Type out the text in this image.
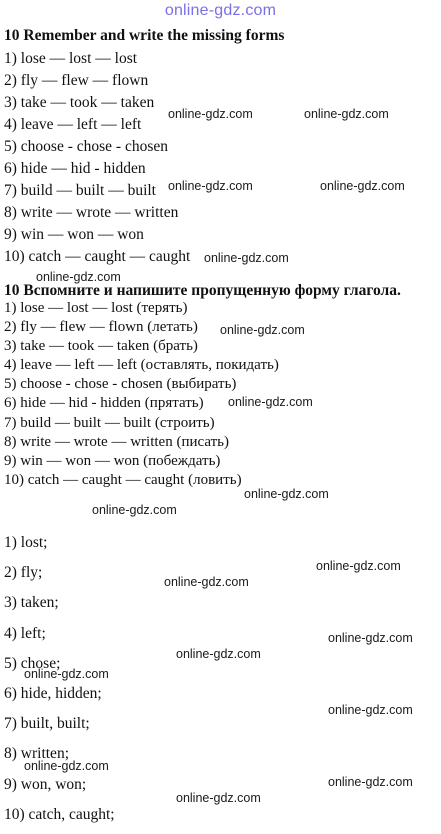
online-gdz.com
10 Remember and write the missing forms
1) lose — lost — lost
2) fly — flew — flown
3) take — took — taken
4) leave — left — left
5) choose - chose - chosen
6) hide — hid - hidden
7) build — built — built
8) write — wrote — written
9) win — won — won
10) catch — caught — caught
10 Вспомните и напишите пропущенную форму глагола.
1) lose — lost — lost (терять)
2) fly — flew — flown (летать)
3) take — took — taken (брать)
4) leave — left — left (оставлять, покидать)
5) choose - chose - chosen (выбирать)
6) hide — hid - hidden (прятать)
7) build — built — built (строить)
8) write — wrote — written (писать)
9) win — won — won (побеждать)
10) catch — caught — caught (ловить)
1) lost;
2) fly;
3) taken;
4) left;
5) chose;
6) hide, hidden;
7) built, built;
8) written;
9) won, won;
10) catch, caught;
online-gdz.com	online-gdz.com
online-gdz.com	online-gdz.com
online-gdz.com
online-gdz.com
online-gdz.com
online-gdz.com
online-gdz.com
online-gdz.com
online-gdz.com
online-gdz.com
online-gdz.com
online-gdz.com
online-gdz.com
online-gdz.com
online-gdz.com
online-gdz.com
online-gdz.com
